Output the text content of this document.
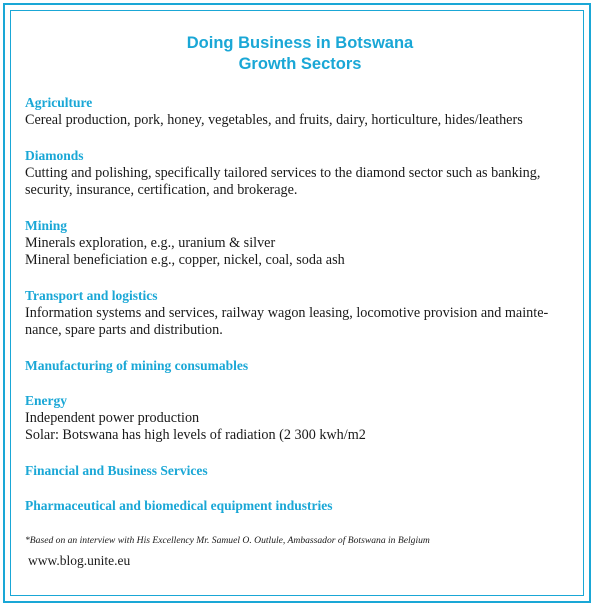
Doing Business in Botswana
Growth Sectors
Agriculture
Cereal production, pork, honey, vegetables, and fruits, dairy, horticulture, hides/leathers
Diamonds
Cutting and polishing, specifically tailored services to the diamond sector such as banking,
security, insurance, certification, and brokerage.
Mining
Minerals exploration, e.g., uranium & silver
Mineral beneficiation e.g., copper, nickel, coal, soda ash
Transport and logistics
Information systems and services, railway wagon leasing, locomotive provision and mainte-
nance, spare parts and distribution.
Manufacturing of mining consumables
Energy
Independent power production
Solar: Botswana has high levels of radiation (2 300 kwh/m2
Financial and Business Services
Pharmaceutical and biomedical equipment industries
*Based on an interview with His Excellency Mr. Samuel O. Outlule, Ambassador of Botswana in Belgium
www.blog.unite.eu
